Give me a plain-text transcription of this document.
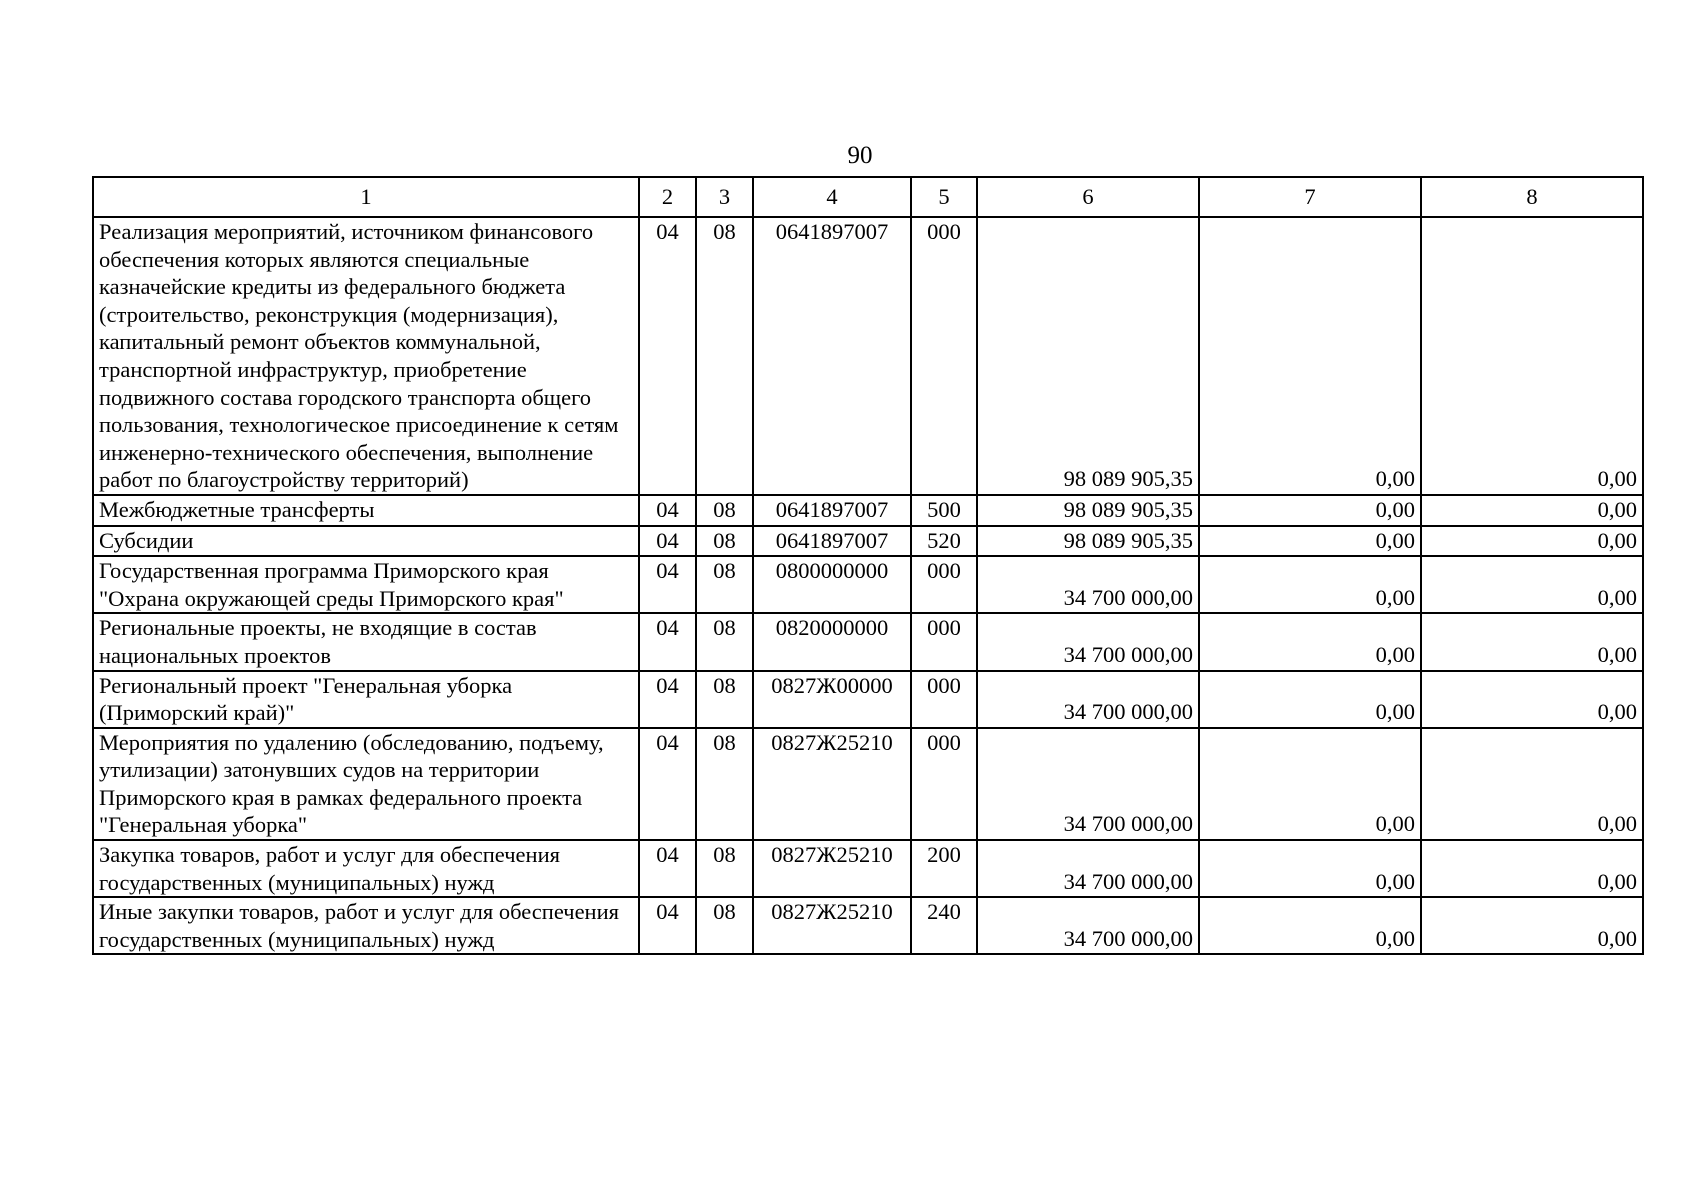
90
1	2	3	4	5	6	7	8
Реализация мероприятий, источником финансового обеспечения которых являются специальные казначейские кредиты из федерального бюджета (строительство, реконструкция (модернизация), капитальный ремонт объектов коммунальной, транспортной инфраструктур, приобретение подвижного состава городского транспорта общего пользования, технологическое присоединение к сетям инженерно-технического обеспечения, выполнение работ по благоустройству территорий)	04	08	0641897007	000	98 089 905,35	0,00	0,00
Межбюджетные трансферты	04	08	0641897007	500	98 089 905,35	0,00	0,00
Субсидии	04	08	0641897007	520	98 089 905,35	0,00	0,00
Государственная программа Приморского края "Охрана окружающей среды Приморского края"	04	08	0800000000	000	34 700 000,00	0,00	0,00
Региональные проекты, не входящие в состав национальных проектов	04	08	0820000000	000	34 700 000,00	0,00	0,00
Региональный проект "Генеральная уборка (Приморский край)"	04	08	0827Ж00000	000	34 700 000,00	0,00	0,00
Мероприятия по удалению (обследованию, подъему, утилизации) затонувших судов на территории Приморского края в рамках федерального проекта "Генеральная уборка"	04	08	0827Ж25210	000	34 700 000,00	0,00	0,00
Закупка товаров, работ и услуг для обеспечения государственных (муниципальных) нужд	04	08	0827Ж25210	200	34 700 000,00	0,00	0,00
Иные закупки товаров, работ и услуг для обеспечения государственных (муниципальных) нужд	04	08	0827Ж25210	240	34 700 000,00	0,00	0,00
